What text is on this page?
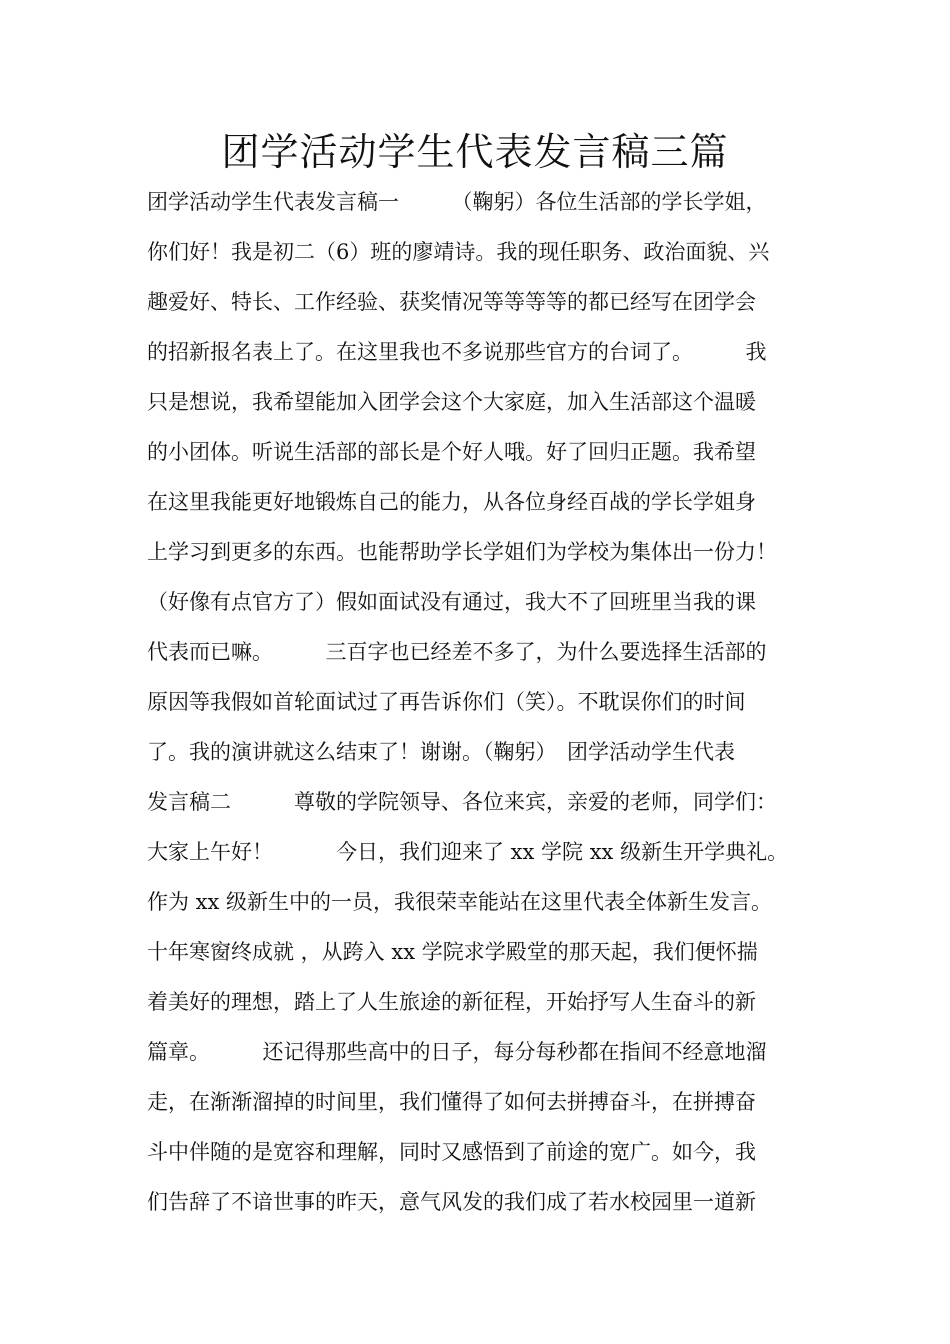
团学活动学生代表发言稿三篇
团学活动学生代表发言稿一　　　（鞠躬）各位生活部的学长学姐，
你们好！我是初二（6）班的廖靖诗。我的现任职务、政治面貌、兴
趣爱好、特长、工作经验、获奖情况等等等等的都已经写在团学会
的招新报名表上了。在这里我也不多说那些官方的台词了。　　　我
只是想说，我希望能加入团学会这个大家庭，加入生活部这个温暖
的小团体。听说生活部的部长是个好人哦。好了回归正题。我希望
在这里我能更好地锻炼自己的能力，从各位身经百战的学长学姐身
上学习到更多的东西。也能帮助学长学姐们为学校为集体出一份力！
（好像有点官方了）假如面试没有通过，我大不了回班里当我的课
代表而已嘛。　　　三百字也已经差不多了，为什么要选择生活部的
原因等我假如首轮面试过了再告诉你们（笑）。不耽误你们的时间
了。我的演讲就这么结束了！谢谢。（鞠躬）　团学活动学生代表
发言稿二　　　尊敬的学院领导、各位来宾，亲爱的老师，同学们：
大家上午好！　　　今日，我们迎来了 xx 学院 xx 级新生开学典礼。
作为 xx 级新生中的一员，我很荣幸能站在这里代表全体新生发言。
十年寒窗终成就 ，从跨入 xx 学院求学殿堂的那天起，我们便怀揣
着美好的理想，踏上了人生旅途的新征程，开始抒写人生奋斗的新
篇章。　　　还记得那些高中的日子，每分每秒都在指间不经意地溜
走，在渐渐溜掉的时间里，我们懂得了如何去拼搏奋斗，在拼搏奋
斗中伴随的是宽容和理解，同时又感悟到了前途的宽广。如今，我
们告辞了不谙世事的昨天，意气风发的我们成了若水校园里一道新
